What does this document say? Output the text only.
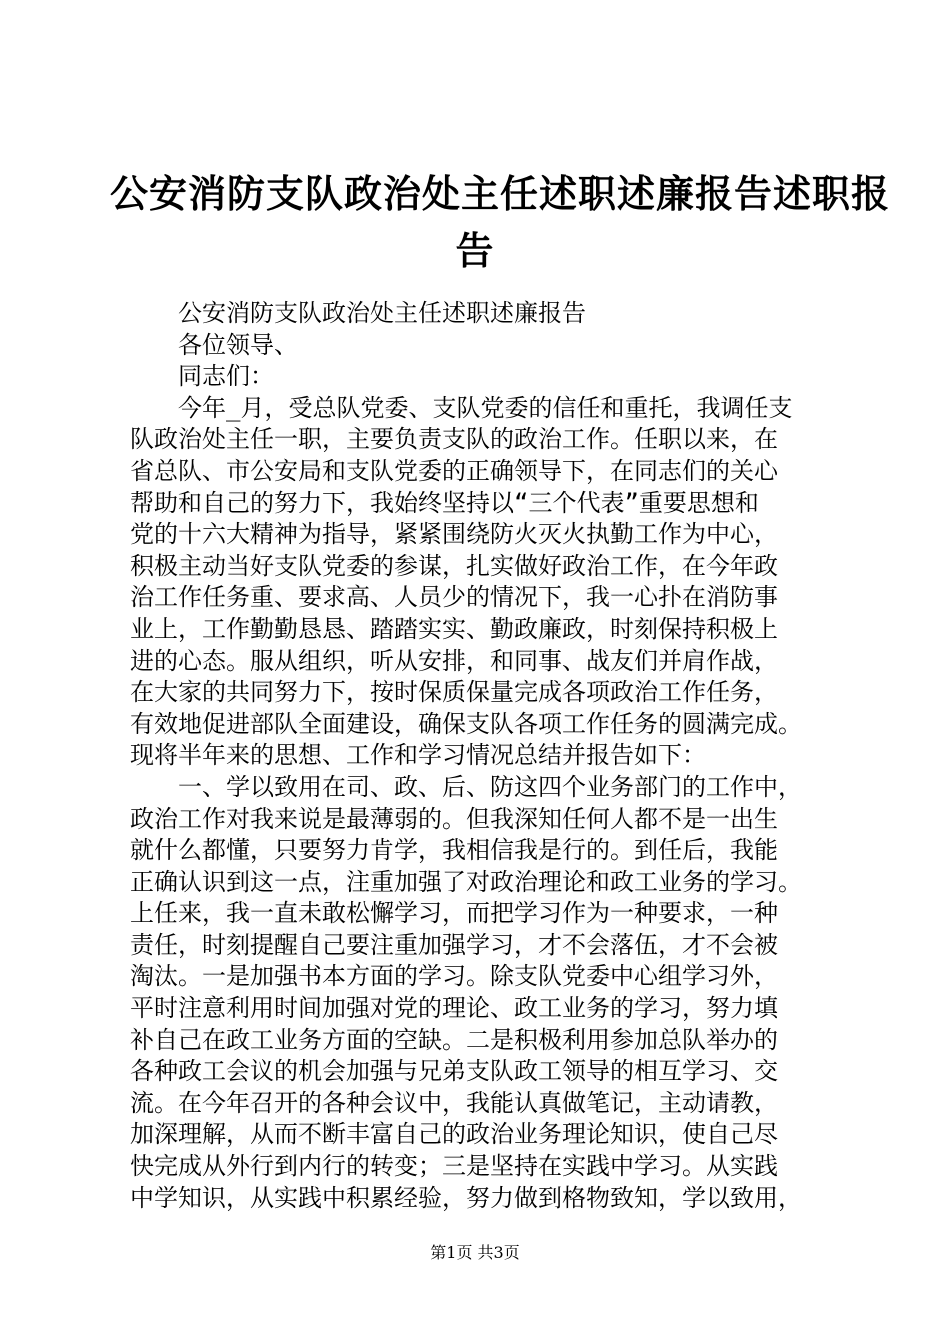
公安消防支队政治处主任述职述廉报告述职报
告
公安消防支队政治处主任述职述廉报告
各位领导、
同志们：
今年_月，受总队党委、支队党委的信任和重托，我调任支
队政治处主任一职，主要负责支队的政治工作。任职以来，在
省总队、市公安局和支队党委的正确领导下，在同志们的关心
帮助和自己的努力下，我始终坚持以“三个代表”重要思想和
党的十六大精神为指导，紧紧围绕防火灭火执勤工作为中心，
积极主动当好支队党委的参谋，扎实做好政治工作，在今年政
治工作任务重、要求高、人员少的情况下，我一心扑在消防事
业上，工作勤勤恳恳、踏踏实实、勤政廉政，时刻保持积极上
进的心态。服从组织，听从安排，和同事、战友们并肩作战，
在大家的共同努力下，按时保质保量完成各项政治工作任务，
有效地促进部队全面建设，确保支队各项工作任务的圆满完成。
现将半年来的思想、工作和学习情况总结并报告如下：
一、学以致用在司、政、后、防这四个业务部门的工作中，
政治工作对我来说是最薄弱的。但我深知任何人都不是一出生
就什么都懂，只要努力肯学，我相信我是行的。到任后，我能
正确认识到这一点，注重加强了对政治理论和政工业务的学习。
上任来，我一直未敢松懈学习，而把学习作为一种要求，一种
责任，时刻提醒自己要注重加强学习，才不会落伍，才不会被
淘汰。一是加强书本方面的学习。除支队党委中心组学习外，
平时注意利用时间加强对党的理论、政工业务的学习，努力填
补自己在政工业务方面的空缺。二是积极利用参加总队举办的
各种政工会议的机会加强与兄弟支队政工领导的相互学习、交
流。在今年召开的各种会议中，我能认真做笔记，主动请教，
加深理解，从而不断丰富自己的政治业务理论知识，使自己尽
快完成从外行到内行的转变；三是坚持在实践中学习。从实践
中学知识，从实践中积累经验，努力做到格物致知，学以致用，
第1页 共3页
